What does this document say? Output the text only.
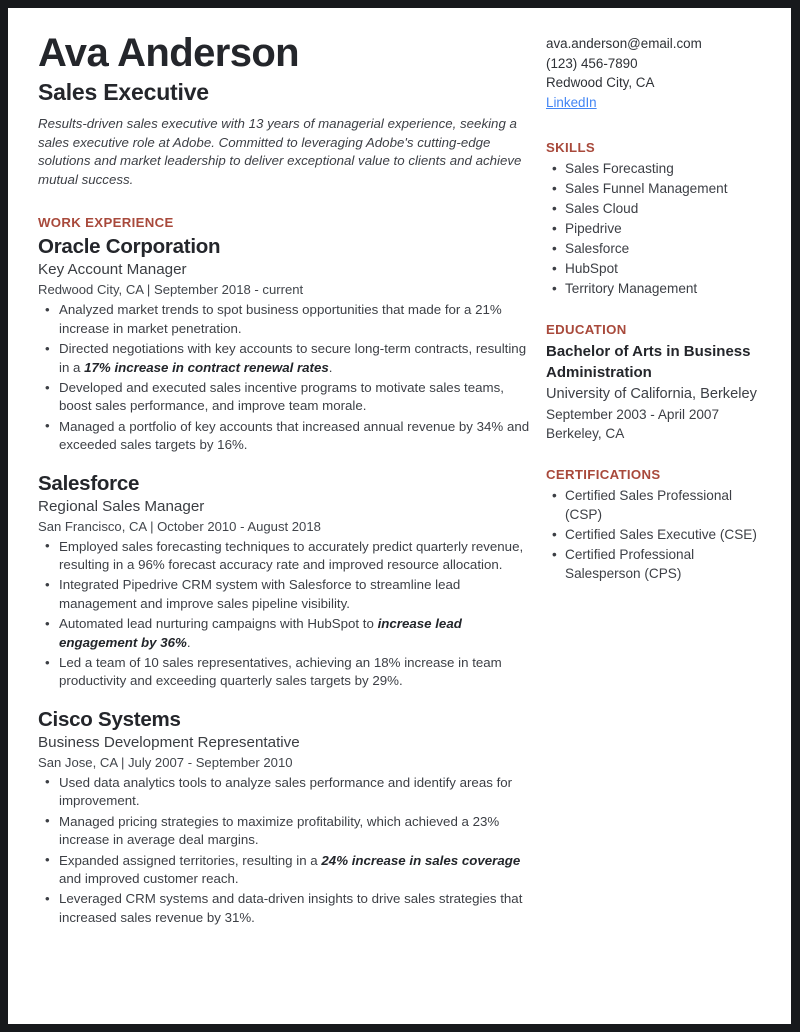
Ava Anderson
Sales Executive

Results-driven sales executive with 13 years of managerial experience, seeking a sales executive role at Adobe. Committed to leveraging Adobe's cutting-edge solutions and market leadership to deliver exceptional value to clients and achieve mutual success.

WORK EXPERIENCE
Oracle Corporation
Key Account Manager
Redwood City, CA | September 2018 - current
• Analyzed market trends to spot business opportunities that made for a 21% increase in market penetration.
• Directed negotiations with key accounts to secure long-term contracts, resulting in a 17% increase in contract renewal rates.
• Developed and executed sales incentive programs to motivate sales teams, boost sales performance, and improve team morale.
• Managed a portfolio of key accounts that increased annual revenue by 34% and exceeded sales targets by 16%.
Salesforce
Regional Sales Manager
San Francisco, CA | October 2010 - August 2018
• Employed sales forecasting techniques to accurately predict quarterly revenue, resulting in a 96% forecast accuracy rate and improved resource allocation.
• Integrated Pipedrive CRM system with Salesforce to streamline lead management and improve sales pipeline visibility.
• Automated lead nurturing campaigns with HubSpot to increase lead engagement by 36%.
• Led a team of 10 sales representatives, achieving an 18% increase in team productivity and exceeding quarterly sales targets by 29%.
Cisco Systems
Business Development Representative
San Jose, CA | July 2007 - September 2010
• Used data analytics tools to analyze sales performance and identify areas for improvement.
• Managed pricing strategies to maximize profitability, which achieved a 23% increase in average deal margins.
• Expanded assigned territories, resulting in a 24% increase in sales coverage and improved customer reach.
• Leveraged CRM systems and data-driven insights to drive sales strategies that increased sales revenue by 31%.
ava.anderson@email.com
(123) 456-7890
Redwood City, CA
LinkedIn
SKILLS
• Sales Forecasting
• Sales Funnel Management
• Sales Cloud
• Pipedrive
• Salesforce
• HubSpot
• Territory Management
EDUCATION
Bachelor of Arts in Business Administration
University of California, Berkeley
September 2003 - April 2007
Berkeley, CA
CERTIFICATIONS
• Certified Sales Professional (CSP)
• Certified Sales Executive (CSE)
• Certified Professional Salesperson (CPS)
